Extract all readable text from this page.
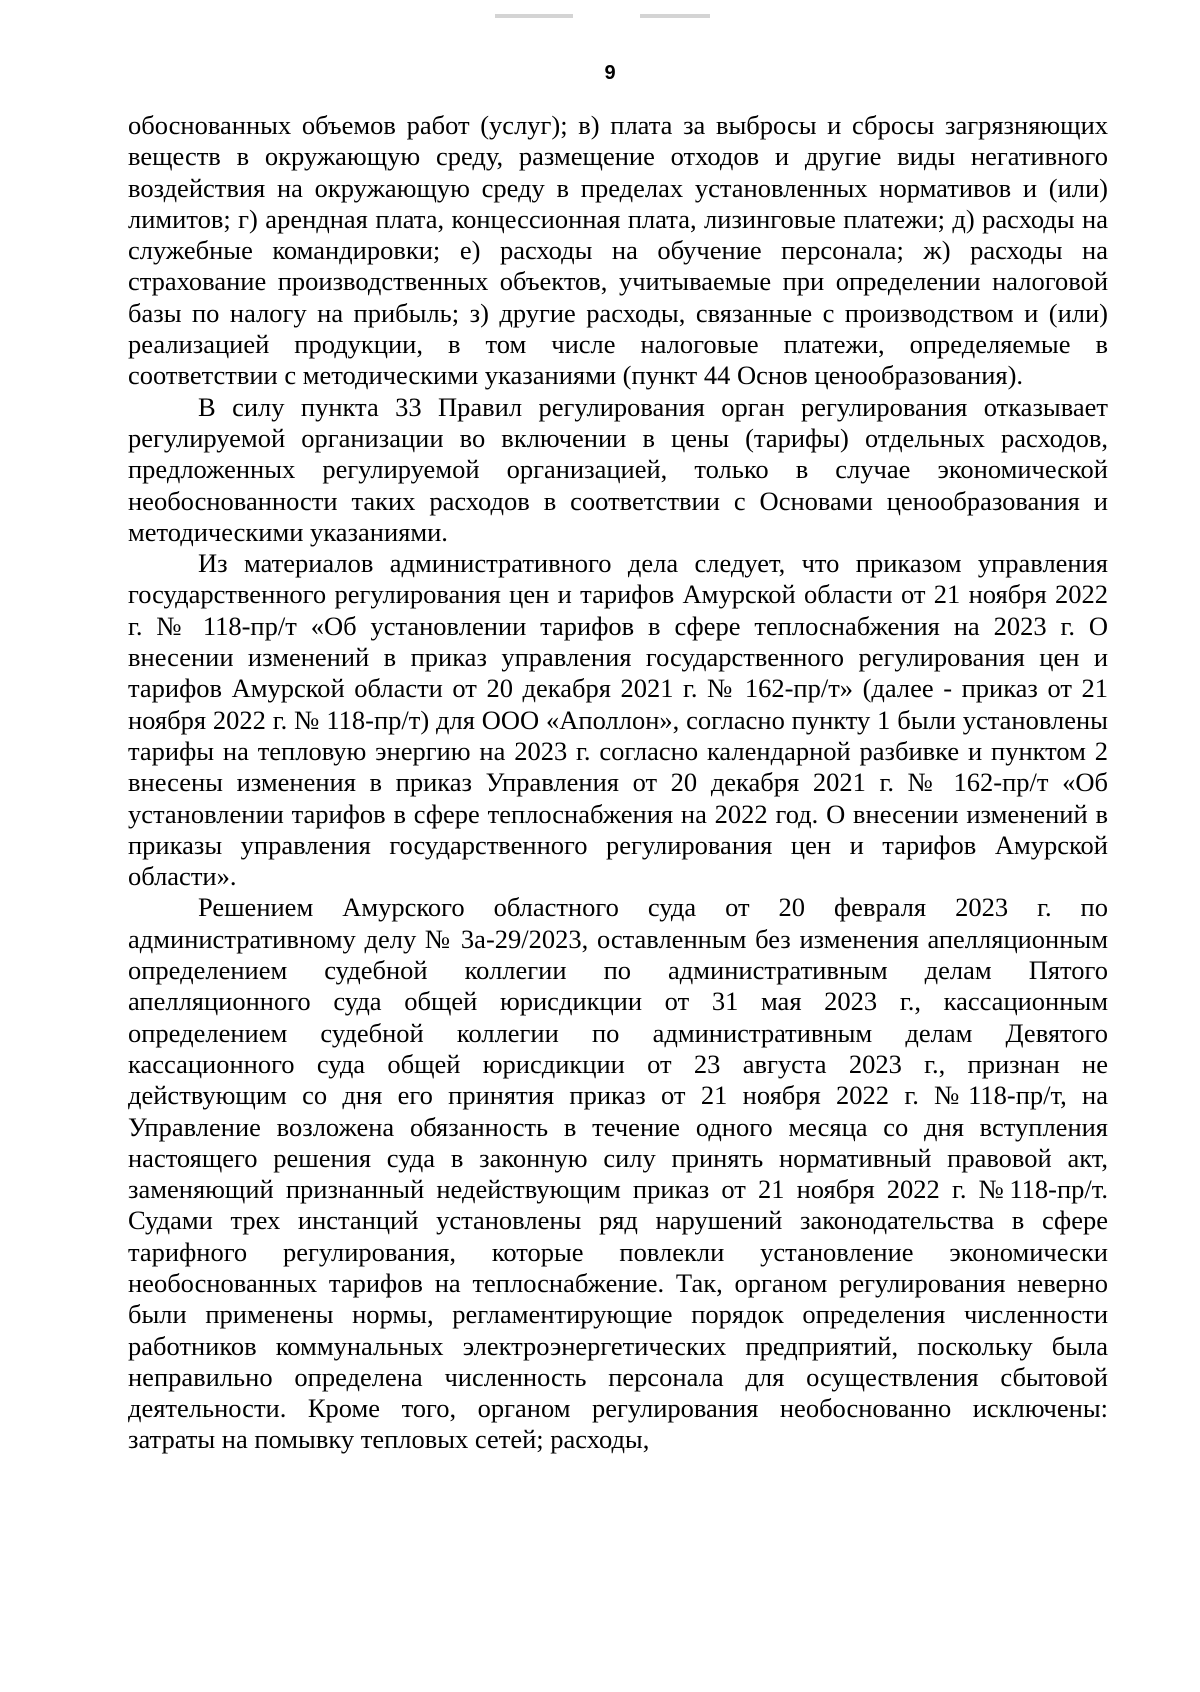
9

обоснованных объемов работ (услуг); в) плата за выбросы и сбросы загрязняющих веществ в окружающую среду, размещение отходов и другие виды негативного воздействия на окружающую среду в пределах установленных нормативов и (или) лимитов; г) арендная плата, концессионная плата, лизинговые платежи; д) расходы на служебные командировки; е) расходы на обучение персонала; ж) расходы на страхование производственных объектов, учитываемые при определении налоговой базы по налогу на прибыль; з) другие расходы, связанные с производством и (или) реализацией продукции, в том числе налоговые платежи, определяемые в соответствии с методическими указаниями (пункт 44 Основ ценообразования).

В силу пункта 33 Правил регулирования орган регулирования отказывает регулируемой организации во включении в цены (тарифы) отдельных расходов, предложенных регулируемой организацией, только в случае экономической необоснованности таких расходов в соответствии с Основами ценообразования и методическими указаниями.

Из материалов административного дела следует, что приказом управления государственного регулирования цен и тарифов Амурской области от 21 ноября 2022 г. № 118-пр/т «Об установлении тарифов в сфере теплоснабжения на 2023 г. О внесении изменений в приказ управления государственного регулирования цен и тарифов Амурской области от 20 декабря 2021 г. № 162-пр/т» (далее - приказ от 21 ноября 2022 г. № 118-пр/т) для ООО «Аполлон», согласно пункту 1 были установлены тарифы на тепловую энергию на 2023 г. согласно календарной разбивке и пунктом 2 внесены изменения в приказ Управления от 20 декабря 2021 г. № 162-пр/т «Об установлении тарифов в сфере теплоснабжения на 2022 год. О внесении изменений в приказы управления государственного регулирования цен и тарифов Амурской области».

Решением Амурского областного суда от 20 февраля 2023 г. по административному делу № 3а-29/2023, оставленным без изменения апелляционным определением судебной коллегии по административным делам Пятого апелляционного суда общей юрисдикции от 31 мая 2023 г., кассационным определением судебной коллегии по административным делам Девятого кассационного суда общей юрисдикции от 23 августа 2023 г., признан не действующим со дня его принятия приказ от 21 ноября 2022 г. №118-пр/т, на Управление возложена обязанность в течение одного месяца со дня вступления настоящего решения суда в законную силу принять нормативный правовой акт, заменяющий признанный недействующим приказ от 21 ноября 2022 г. №118-пр/т. Судами трех инстанций установлены ряд нарушений законодательства в сфере тарифного регулирования, которые повлекли установление экономически необоснованных тарифов на теплоснабжение. Так, органом регулирования неверно были применены нормы, регламентирующие порядок определения численности работников коммунальных электроэнергетических предприятий, поскольку была неправильно определена численность персонала для осуществления сбытовой деятельности. Кроме того, органом регулирования необоснованно исключены: затраты на помывку тепловых сетей; расходы,
